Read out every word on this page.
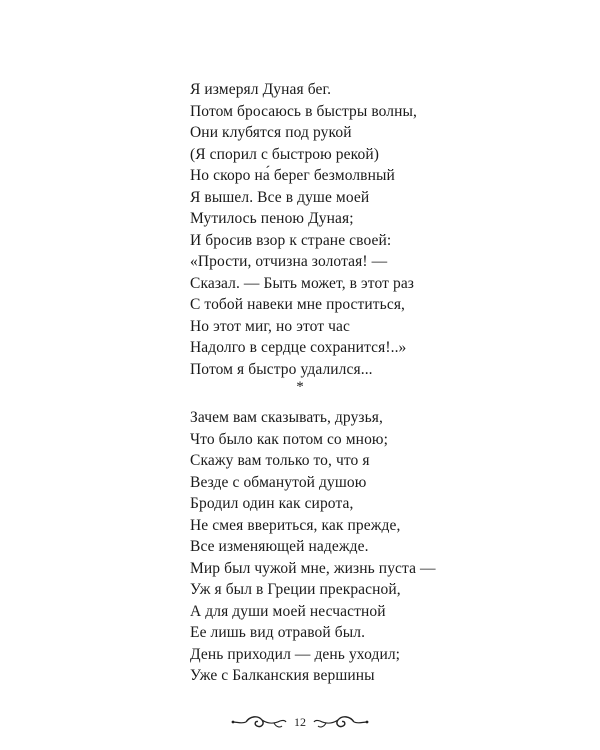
Я измерял Дуная бег.
Потом бросаюсь в быстры волны,
Они клубятся под рукой
(Я спорил с быстрою рекой)
Но скоро на́ берег безмолвный
Я вышел. Все в душе моей
Мутилось пеною Дуная;
И бросив взор к стране своей:
«Прости, отчизна золотая! —
Сказал. — Быть может, в этот раз
С тобой навеки мне проститься,
Но этот миг, но этот час
Надолго в сердце сохранится!..»
Потом я быстро удалился...
*
Зачем вам сказывать, друзья,
Что было как потом со мною;
Скажу вам только то, что я
Везде с обманутой душою
Бродил один как сирота,
Не смея ввериться, как прежде,
Все изменяющей надежде.
Мир был чужой мне, жизнь пуста —
Уж я был в Греции прекрасной,
А для души моей несчастной
Ее лишь вид отравой был.
День приходил — день уходил;
Уже с Балканския вершины
12
